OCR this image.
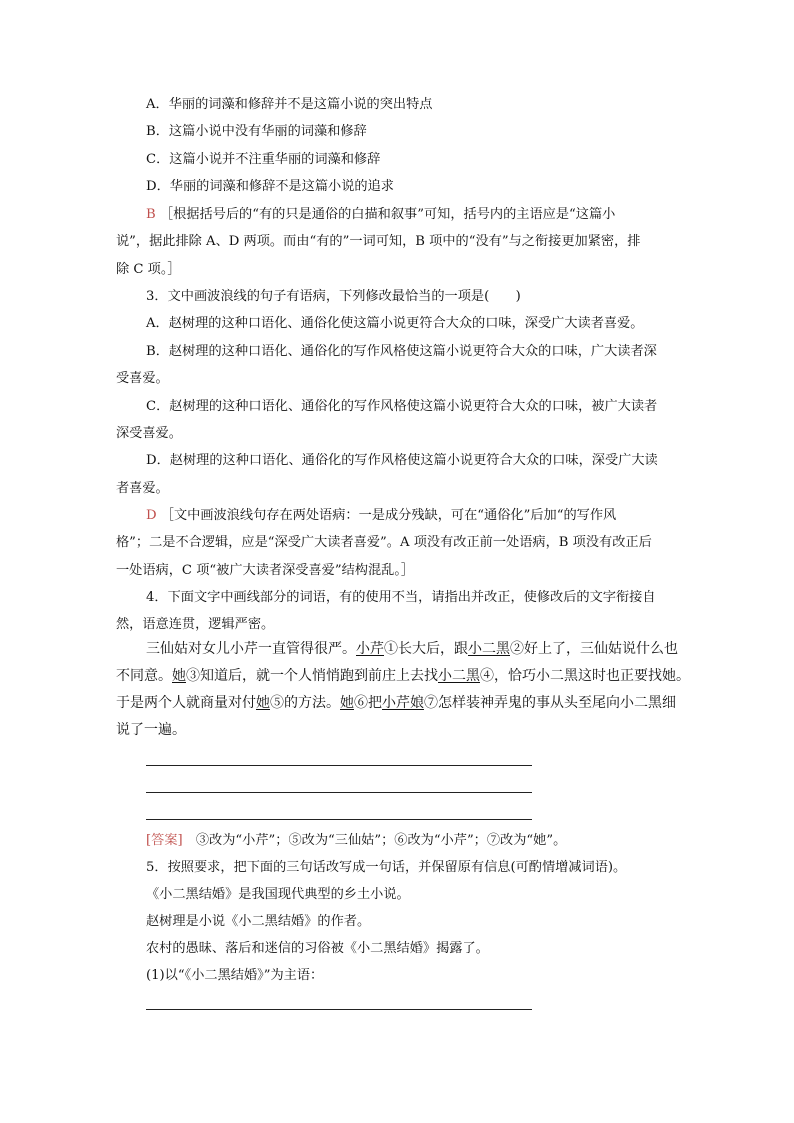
A．华丽的词藻和修辞并不是这篇小说的突出特点
B．这篇小说中没有华丽的词藻和修辞
C．这篇小说并不注重华丽的词藻和修辞
D．华丽的词藻和修辞不是这篇小说的追求
B ［根据括号后的“有的只是通俗的白描和叙事”可知，括号内的主语应是“这篇小
说”，据此排除 A、D 两项。而由“有的”一词可知，B 项中的“没有”与之衔接更加紧密，排
除 C 项。］
3．文中画波浪线的句子有语病，下列修改最恰当的一项是(　　)
A．赵树理的这种口语化、通俗化使这篇小说更符合大众的口味，深受广大读者喜爱。
B．赵树理的这种口语化、通俗化的写作风格使这篇小说更符合大众的口味，广大读者深
受喜爱。
C．赵树理的这种口语化、通俗化的写作风格使这篇小说更符合大众的口味，被广大读者
深受喜爱。
D．赵树理的这种口语化、通俗化的写作风格使这篇小说更符合大众的口味，深受广大读
者喜爱。
D ［文中画波浪线句存在两处语病：一是成分残缺，可在“通俗化”后加“的写作风
格”；二是不合逻辑，应是“深受广大读者喜爱”。A 项没有改正前一处语病，B 项没有改正后
一处语病，C 项“被广大读者深受喜爱”结构混乱。］
4．下面文字中画线部分的词语，有的使用不当，请指出并改正，使修改后的文字衔接自
然，语意连贯，逻辑严密。
三仙姑对女儿小芹一直管得很严。小芹①长大后，跟小二黑②好上了，三仙姑说什么也
不同意。她③知道后，就一个人悄悄跑到前庄上去找小二黑④，恰巧小二黑这时也正要找她。
于是两个人就商量对付她⑤的方法。她⑥把小芹娘⑦怎样装神弄鬼的事从头至尾向小二黑细
说了一遍。
[答案]　③改为“小芹”；⑤改为“三仙姑”；⑥改为“小芹”；⑦改为“她”。
5．按照要求，把下面的三句话改写成一句话，并保留原有信息(可酌情增减词语)。
《小二黑结婚》是我国现代典型的乡土小说。
赵树理是小说《小二黑结婚》的作者。
农村的愚昧、落后和迷信的习俗被《小二黑结婚》揭露了。
(1)以“《小二黑结婚》”为主语：
